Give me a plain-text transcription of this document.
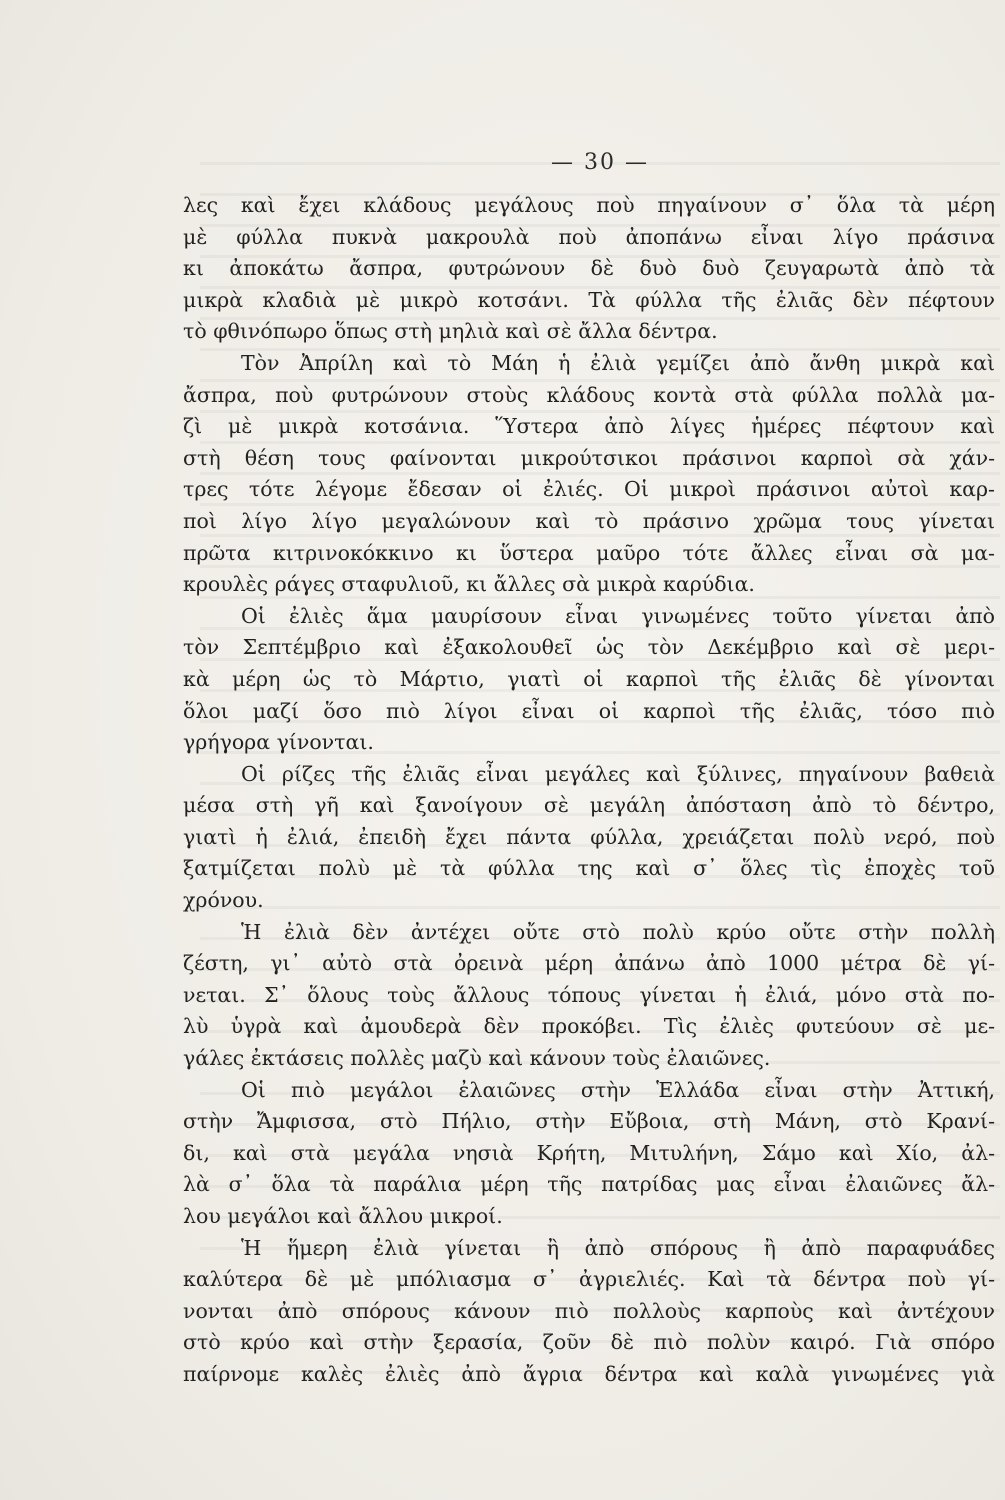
— 30 —
λες καὶ ἔχει κλάδους μεγάλους ποὺ πηγαίνουν σ᾿ ὅλα τὰ μέρη
μὲ φύλλα πυκνὰ μακρουλὰ ποὺ ἀποπάνω εἶναι λίγο πράσινα
κι ἀποκάτω ἄσπρα, φυτρώνουν δὲ δυὸ δυὸ ζευγαρωτὰ ἀπὸ τὰ
μικρὰ κλαδιὰ μὲ μικρὸ κοτσάνι. Τὰ φύλλα τῆς ἐλιᾶς δὲν πέφτουν
τὸ φθινόπωρο ὅπως στὴ μηλιὰ καὶ σὲ ἄλλα δέντρα.
Τὸν Ἀπρίλη καὶ τὸ Μάη ἡ ἐλιὰ γεμίζει ἀπὸ ἄνθη μικρὰ καὶ
ἄσπρα, ποὺ φυτρώνουν στοὺς κλάδους κοντὰ στὰ φύλλα πολλὰ μα-
ζὶ μὲ μικρὰ κοτσάνια. Ὕστερα ἀπὸ λίγες ἡμέρες πέφτουν καὶ
στὴ θέση τους φαίνονται μικρούτσικοι πράσινοι καρποὶ σὰ χάν-
τρες τότε λέγομε ἔδεσαν οἱ ἐλιές. Οἱ μικροὶ πράσινοι αὐτοὶ καρ-
ποὶ λίγο λίγο μεγαλώνουν καὶ τὸ πράσινο χρῶμα τους γίνεται
πρῶτα κιτρινοκόκκινο κι ὕστερα μαῦρο τότε ἄλλες εἶναι σὰ μα-
κρουλὲς ράγες σταφυλιοῦ, κι ἄλλες σὰ μικρὰ καρύδια.
Οἱ ἐλιὲς ἅμα μαυρίσουν εἶναι γινωμένες τοῦτο γίνεται ἀπὸ
τὸν Σεπτέμβριο καὶ ἐξακολουθεῖ ὡς τὸν Δεκέμβριο καὶ σὲ μερι-
κὰ μέρη ὡς τὸ Μάρτιο, γιατὶ οἱ καρποὶ τῆς ἐλιᾶς δὲ γίνονται
ὅλοι μαζί ὅσο πιὸ λίγοι εἶναι οἱ καρποὶ τῆς ἐλιᾶς, τόσο πιὸ
γρήγορα γίνονται.
Οἱ ρίζες τῆς ἐλιᾶς εἶναι μεγάλες καὶ ξύλινες, πηγαίνουν βαθειὰ
μέσα στὴ γῆ καὶ ξανοίγουν σὲ μεγάλη ἀπόσταση ἀπὸ τὸ δέντρο,
γιατὶ ἡ ἐλιά, ἐπειδὴ ἔχει πάντα φύλλα, χρειάζεται πολὺ νερό, ποὺ
ξατμίζεται πολὺ μὲ τὰ φύλλα της καὶ σ᾿ ὅλες τὶς ἐποχὲς τοῦ
χρόνου.
Ἡ ἐλιὰ δὲν ἀντέχει οὔτε στὸ πολὺ κρύο οὔτε στὴν πολλὴ
ζέστη, γι᾿ αὐτὸ στὰ ὀρεινὰ μέρη ἀπάνω ἀπὸ 1000 μέτρα δὲ γί-
νεται. Σ᾿ ὅλους τοὺς ἄλλους τόπους γίνεται ἡ ἐλιά, μόνο στὰ πο-
λὺ ὑγρὰ καὶ ἀμουδερὰ δὲν προκόβει. Τὶς ἐλιὲς φυτεύουν σὲ με-
γάλες ἐκτάσεις πολλὲς μαζὺ καὶ κάνουν τοὺς ἐλαιῶνες.
Οἱ πιὸ μεγάλοι ἐλαιῶνες στὴν Ἑλλάδα εἶναι στὴν Ἀττική,
στὴν Ἄμφισσα, στὸ Πήλιο, στὴν Εὔβοια, στὴ Μάνη, στὸ Κρανί-
δι, καὶ στὰ μεγάλα νησιὰ Κρήτη, Μιτυλήνη, Σάμο καὶ Χίο, ἀλ-
λὰ σ᾿ ὅλα τὰ παράλια μέρη τῆς πατρίδας μας εἶναι ἐλαιῶνες ἄλ-
λου μεγάλοι καὶ ἄλλου μικροί.
Ἡ ἥμερη ἐλιὰ γίνεται ἢ ἀπὸ σπόρους ἢ ἀπὸ παραφυάδες
καλύτερα δὲ μὲ μπόλιασμα σ᾿ ἀγριελιές. Καὶ τὰ δέντρα ποὺ γί-
νονται ἀπὸ σπόρους κάνουν πιὸ πολλοὺς καρποὺς καὶ ἀντέχουν
στὸ κρύο καὶ στὴν ξερασία, ζοῦν δὲ πιὸ πολὺν καιρό. Γιὰ σπόρο
παίρνομε καλὲς ἐλιὲς ἀπὸ ἄγρια δέντρα καὶ καλὰ γινωμένες γιὰ
